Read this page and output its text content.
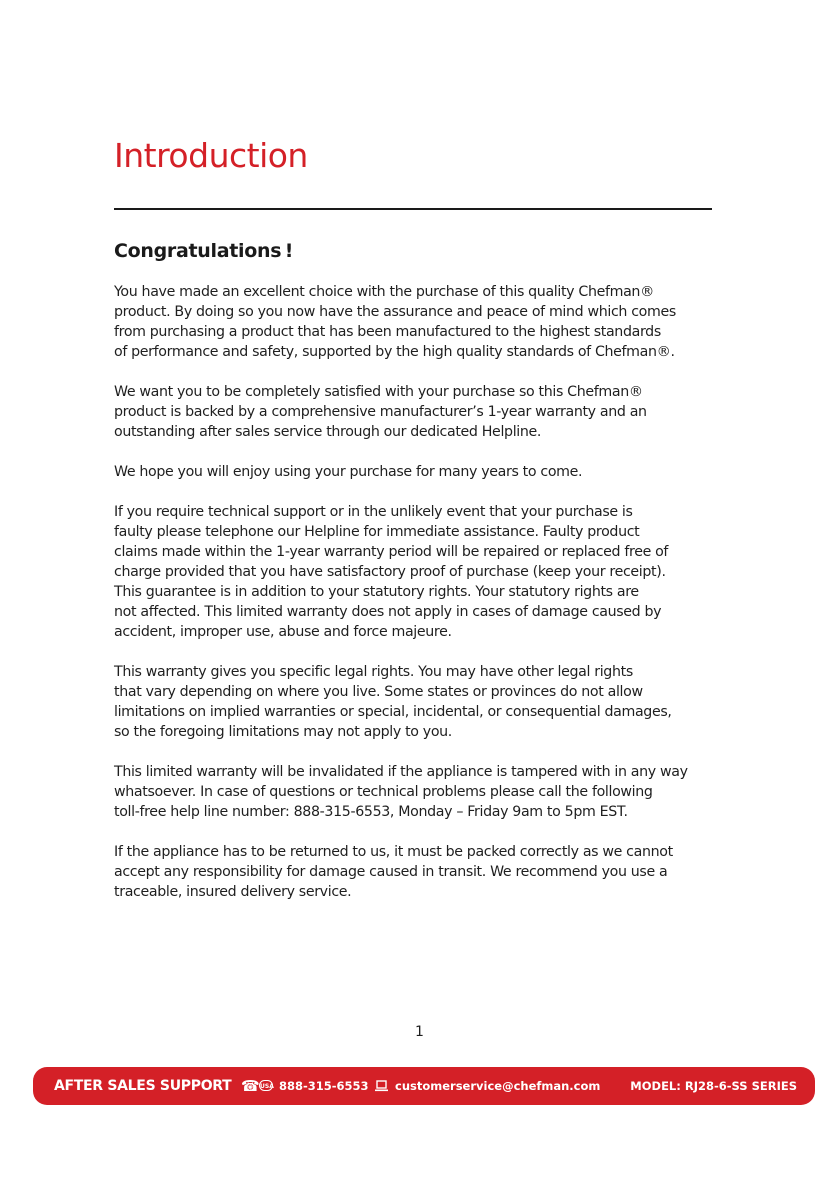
Introduction
Congratulations !

You have made an excellent choice with the purchase of this quality Chefman®
product. By doing so you now have the assurance and peace of mind which comes
from purchasing a product that has been manufactured to the highest standards
of performance and safety, supported by the high quality standards of Chefman®.

We want you to be completely satisfied with your purchase so this Chefman®
product is backed by a comprehensive manufacturer’s 1-year warranty and an
outstanding after sales service through our dedicated Helpline.

We hope you will enjoy using your purchase for many years to come.

If you require technical support or in the unlikely event that your purchase is
faulty please telephone our Helpline for immediate assistance. Faulty product
claims made within the 1-year warranty period will be repaired or replaced free of
charge provided that you have satisfactory proof of purchase (keep your receipt).
This guarantee is in addition to your statutory rights. Your statutory rights are
not affected. This limited warranty does not apply in cases of damage caused by
accident, improper use, abuse and force majeure.

This warranty gives you specific legal rights. You may have other legal rights
that vary depending on where you live. Some states or provinces do not allow
limitations on implied warranties or special, incidental, or consequential damages,
so the foregoing limitations may not apply to you.

This limited warranty will be invalidated if the appliance is tampered with in any way
whatsoever. In case of questions or technical problems please call the following
toll-free help line number: 888-315-6553, Monday – Friday 9am to 5pm EST.

If the appliance has to be returned to us, it must be packed correctly as we cannot
accept any responsibility for damage caused in transit. We recommend you use a
traceable, insured delivery service.

1
AFTER SALES SUPPORT ☎ USA 888-315-6553 customerservice@chefman.com	MODEL: RJ28-6-SS SERIES
